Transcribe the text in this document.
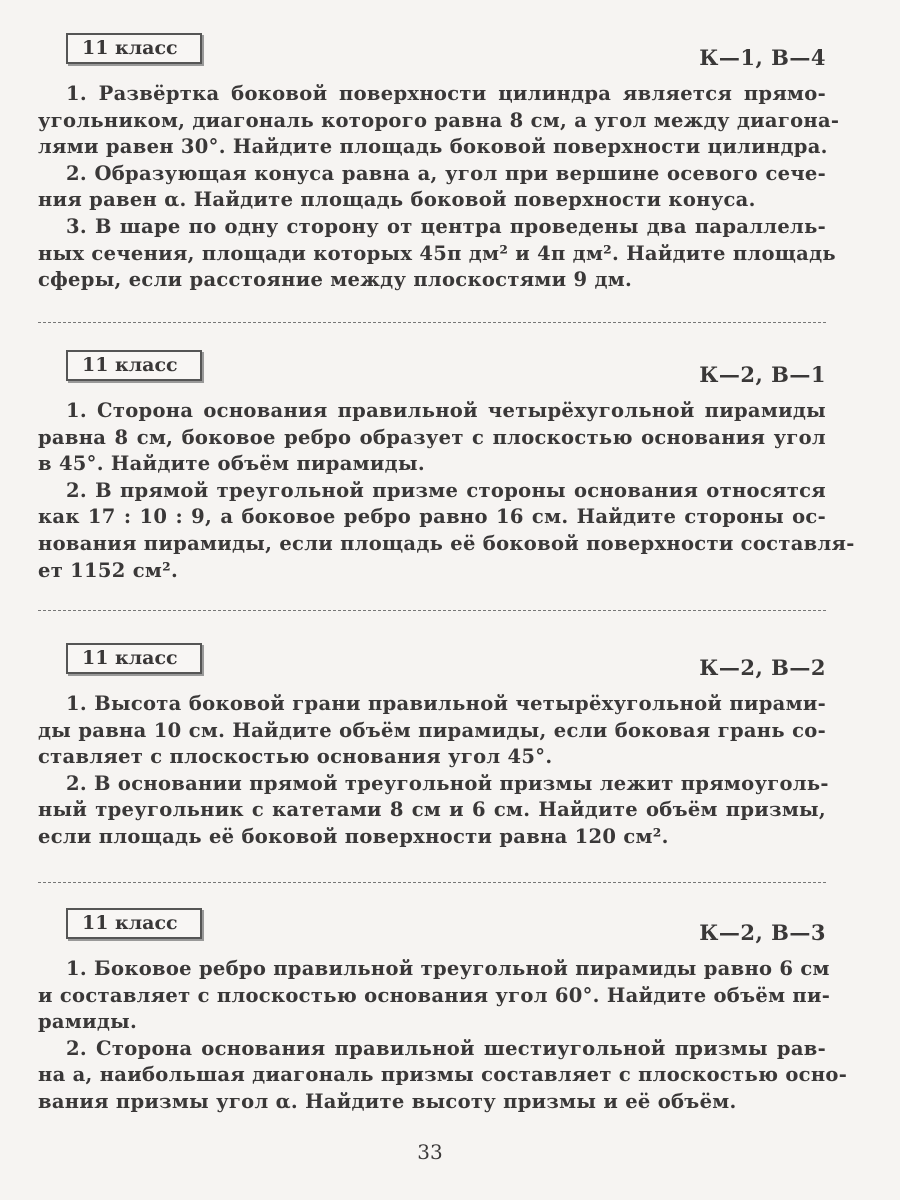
11 класс	К—1, В—4
1. Развёртка боковой поверхности цилиндра является прямо-
угольником, диагональ которого равна 8 см, а угол между диагона-
лями равен 30°. Найдите площадь боковой поверхности цилиндра.
2. Образующая конуса равна a, угол при вершине осевого сече-
ния равен α. Найдите площадь боковой поверхности конуса.
3. В шаре по одну сторону от центра проведены два параллель-
ных сечения, площади которых 45π дм² и 4π дм². Найдите площадь
сферы, если расстояние между плоскостями 9 дм.
11 класс	К—2, В—1
1. Сторона основания правильной четырёхугольной пирамиды
равна 8 см, боковое ребро образует с плоскостью основания угол
в 45°. Найдите объём пирамиды.
2. В прямой треугольной призме стороны основания относятся
как 17 : 10 : 9, а боковое ребро равно 16 см. Найдите стороны ос-
нования пирамиды, если площадь её боковой поверхности составля-
ет 1152 см².
11 класс	К—2, В—2
1. Высота боковой грани правильной четырёхугольной пирами-
ды равна 10 см. Найдите объём пирамиды, если боковая грань со-
ставляет с плоскостью основания угол 45°.
2. В основании прямой треугольной призмы лежит прямоуголь-
ный треугольник с катетами 8 см и 6 см. Найдите объём призмы,
если площадь её боковой поверхности равна 120 см².
11 класс	К—2, В—3
1. Боковое ребро правильной треугольной пирамиды равно 6 см
и составляет с плоскостью основания угол 60°. Найдите объём пи-
рамиды.
2. Сторона основания правильной шестиугольной призмы рав-
на a, наибольшая диагональ призмы составляет с плоскостью осно-
вания призмы угол α. Найдите высоту призмы и её объём.
33
